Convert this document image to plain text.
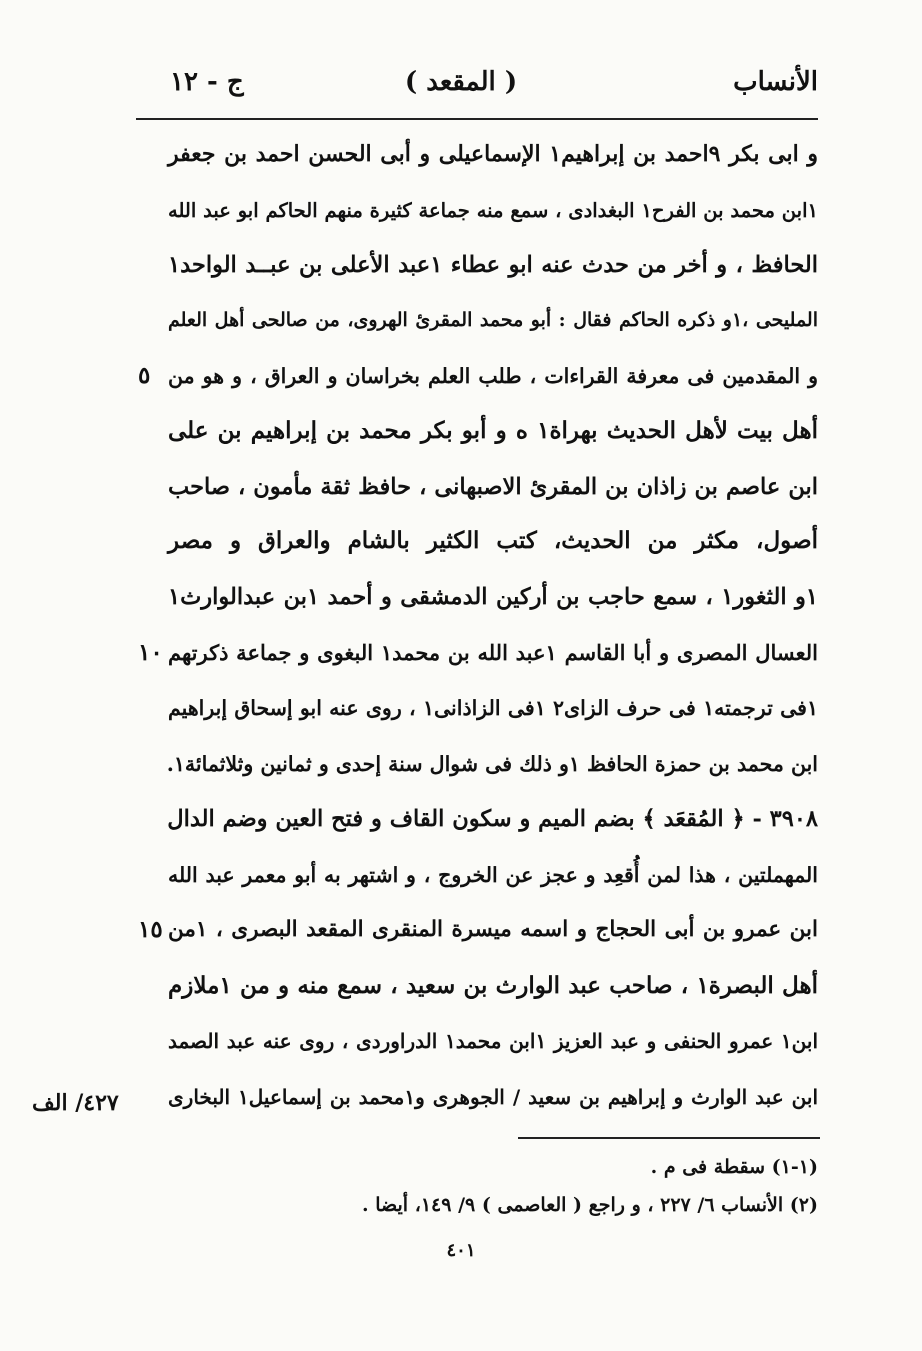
الأنساب
( المقعد )
ج - ١٢
و ابى بكر ٩احمد بن إبراهيم١ الإسماعيلى و أبى الحسن احمد بن جعفر
١ابن محمد بن الفرح١ البغدادى ، سمع منه جماعة كثيرة منهم الحاكم ابو عبد الله
الحافظ ، و أخر من حدث عنه ابو عطاء ١عبد الأعلى بن عبــد الواحد١
المليحى ،١و ذكره الحاكم فقال : أبو محمد المقرئ الهروى، من صالحى أهل العلم
و المقدمين فى معرفة القراءات ، طلب العلم بخراسان و العراق ، و هو من
أهل بيت لأهل الحديث بهراة١ ه و أبو بكر محمد بن إبراهيم بن على
ابن عاصم بن زاذان بن المقرئ الاصبهانى ، حافظ ثقة مأمون ، صاحب
أصول، مكثر من الحديث، كتب الكثير بالشام والعراق و مصر
١و الثغور١ ، سمع حاجب بن أركين الدمشقى و أحمد ١بن عبدالوارث١
العسال المصرى و أبا القاسم ١عبد الله بن محمد١ البغوى و جماعة ذكرتهم
١فى ترجمته١ فى حرف الزاى٢ ١فى الزاذانى١ ، روى عنه ابو إسحاق إبراهيم
ابن محمد بن حمزة الحافظ ١و ذلك فى شوال سنة إحدى و ثمانين وثلاثمائة١.
٣٩٠٨ - ﴿ المُقعَد ﴾ بضم الميم و سكون القاف و فتح العين وضم الدال
المهملتين ، هذا لمن أُقعِد و عجز عن الخروج ، و اشتهر به أبو معمر عبد الله
ابن عمرو بن أبى الحجاج و اسمه ميسرة المنقرى المقعد البصرى ، ١من
أهل البصرة١ ، صاحب عبد الوارث بن سعيد ، سمع منه و من ١ملازم
ابن١ عمرو الحنفى و عبد العزيز ١ابن محمد١ الدراوردى ، روى عنه عبد الصمد
ابن عبد الوارث و إبراهيم بن سعيد / الجوهرى و١محمد بن إسماعيل١ البخارى
٥
١٠
١٥
٤٢٧/ الف
(١-١) سقطة فى م .
(٢) الأنساب ٦/ ٢٢٧ ، و راجع ( العاصمى ) ٩/ ١٤٩، أيضا .
٤٠١
